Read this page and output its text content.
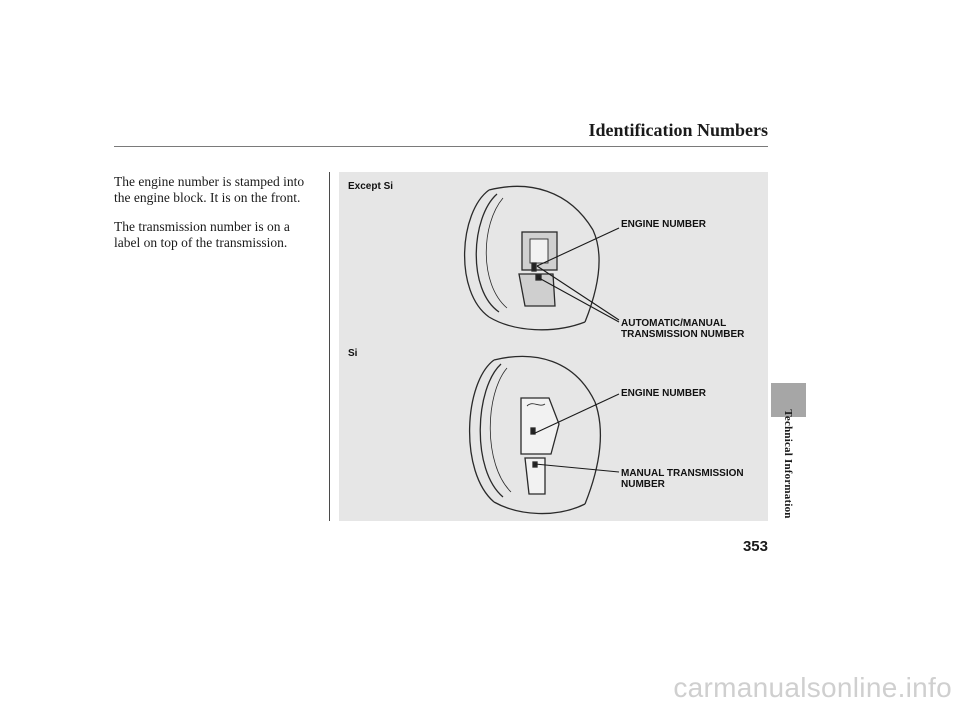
Identification Numbers

The engine number is stamped into the engine block. It is on the front.

The transmission number is on a label on top of the transmission.

Except Si
ENGINE NUMBER
AUTOMATIC/MANUAL
TRANSMISSION NUMBER
Si
ENGINE NUMBER
MANUAL TRANSMISSION
NUMBER	Technical Information
353
carmanualsonline.info
